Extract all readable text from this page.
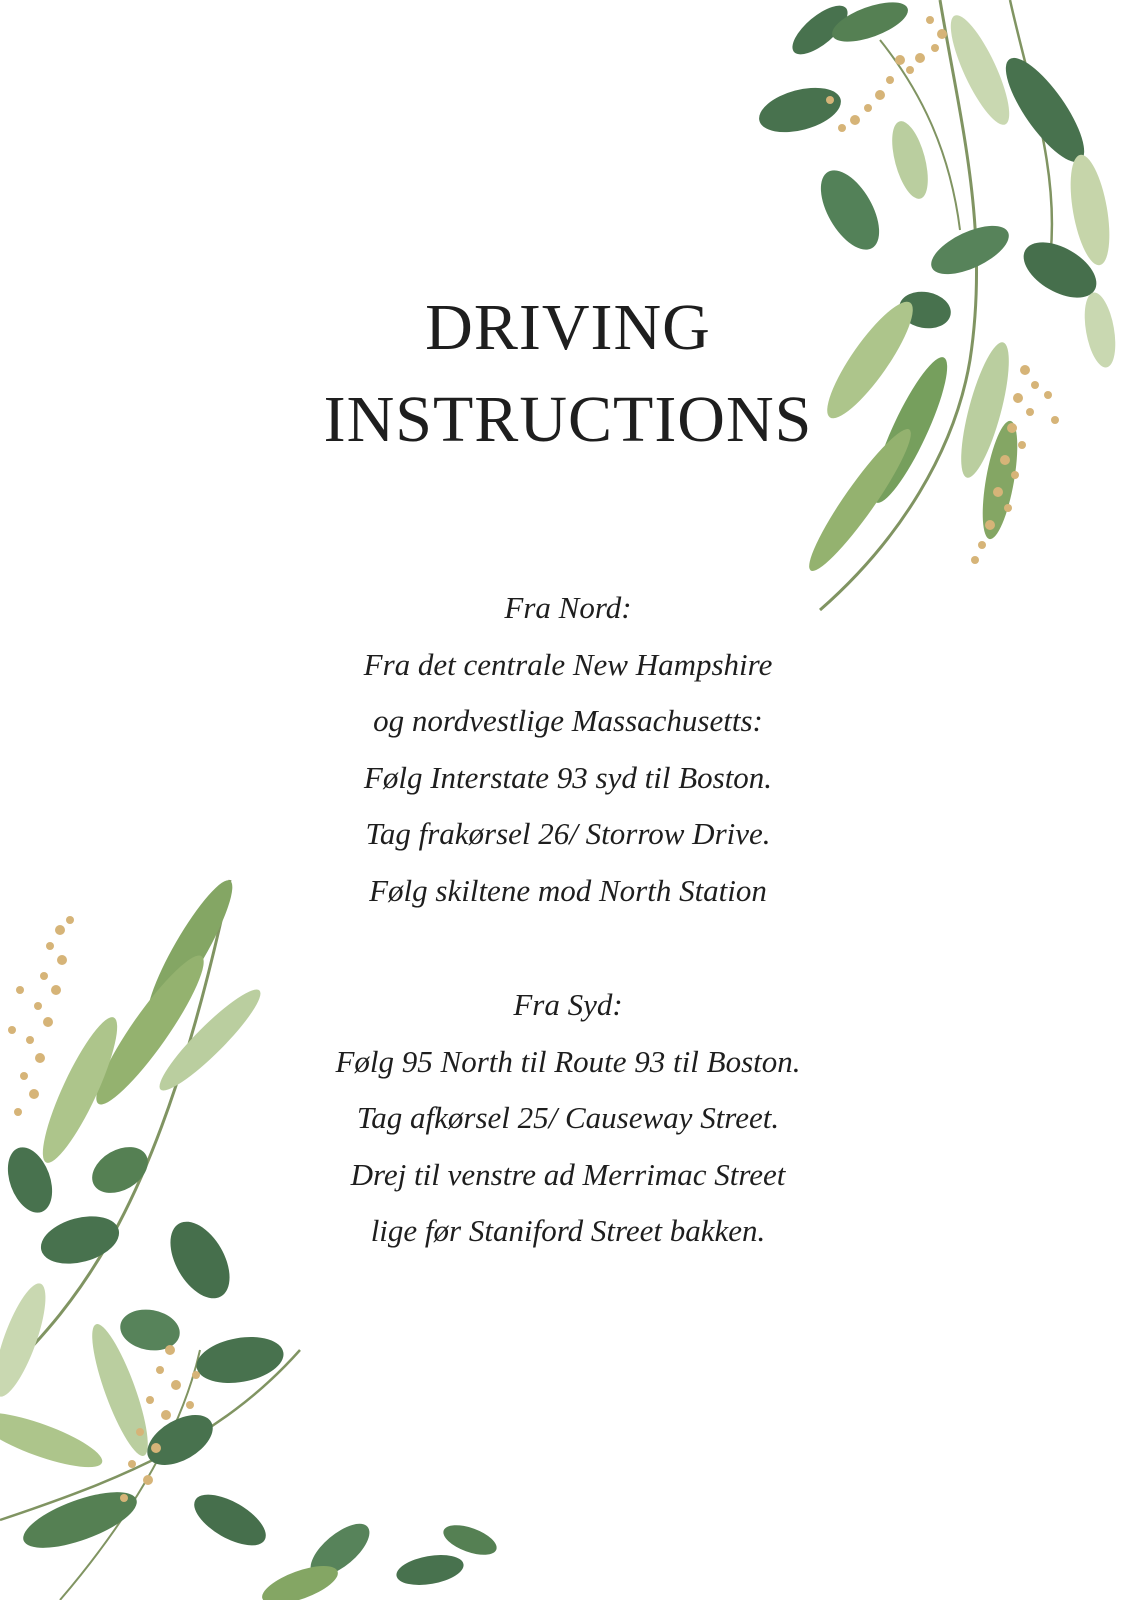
DRIVING
INSTRUCTIONS
Fra Nord:
Fra det centrale New Hampshire
og nordvestlige Massachusetts:
Følg Interstate 93 syd til Boston.
Tag frakørsel 26/ Storrow Drive.
Følg skiltene mod North Station
Fra Syd:
Følg 95 North til Route 93 til Boston.
Tag afkørsel 25/ Causeway Street.
Drej til venstre ad Merrimac Street
lige før Staniford Street bakken.
